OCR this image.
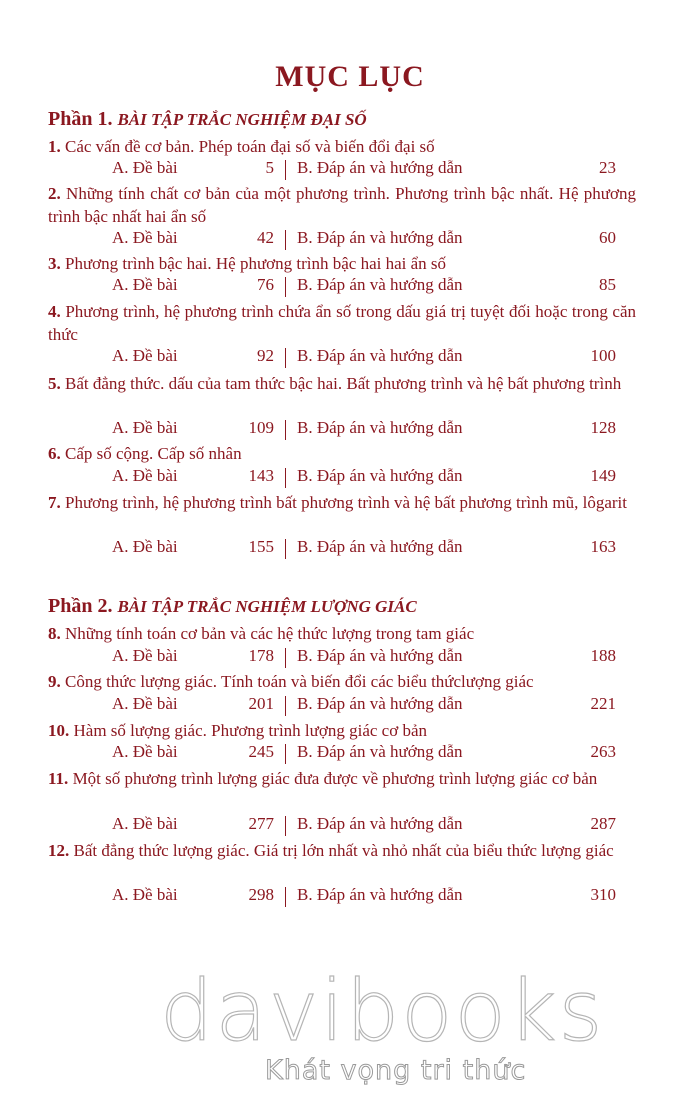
MỤC LỤC
Phần 1. BÀI TẬP TRẮC NGHIỆM ĐẠI SỐ
1. Các vấn đề cơ bản. Phép toán đại số và biến đổi đại số
A. Đề bài	5 B. Đáp án và hướng dẫn	23
2. Những tính chất cơ bản của một phương trình. Phương trình bậc nhất. Hệ phương trình bậc nhất hai ẩn số
A. Đề bài	42 B. Đáp án và hướng dẫn	60
3. Phương trình bậc hai. Hệ phương trình bậc hai hai ẩn số
A. Đề bài	76 B. Đáp án và hướng dẫn	85
4. Phương trình, hệ phương trình chứa ẩn số trong dấu giá trị tuyệt đối hoặc trong căn thức
A. Đề bài	92 B. Đáp án và hướng dẫn	100
5. Bất đẳng thức. dấu của tam thức bậc hai. Bất phương trình và hệ bất phương trình
A. Đề bài	109 B. Đáp án và hướng dẫn	128
6. Cấp số cộng. Cấp số nhân
A. Đề bài	143 B. Đáp án và hướng dẫn	149
7. Phương trình, hệ phương trình bất phương trình và hệ bất phương trình mũ, lôgarit
A. Đề bài	155 B. Đáp án và hướng dẫn	163
Phần 2. BÀI TẬP TRẮC NGHIỆM LƯỢNG GIÁC
8. Những tính toán cơ bản và các hệ thức lượng trong tam giác
A. Đề bài	178 B. Đáp án và hướng dẫn	188
9. Công thức lượng giác. Tính toán và biến đổi các biểu thứclượng giác
A. Đề bài	201 B. Đáp án và hướng dẫn	221
10. Hàm số lượng giác. Phương trình lượng giác cơ bản
A. Đề bài	245 B. Đáp án và hướng dẫn	263
11. Một số phương trình lượng giác đưa được về phương trình lượng giác cơ bản
A. Đề bài	277 B. Đáp án và hướng dẫn	287
12. Bất đẳng thức lượng giác. Giá trị lớn nhất và nhỏ nhất của biểu thức lượng giác
A. Đề bài	298 B. Đáp án và hướng dẫn	310
davibooks
Khát vọng tri thức
